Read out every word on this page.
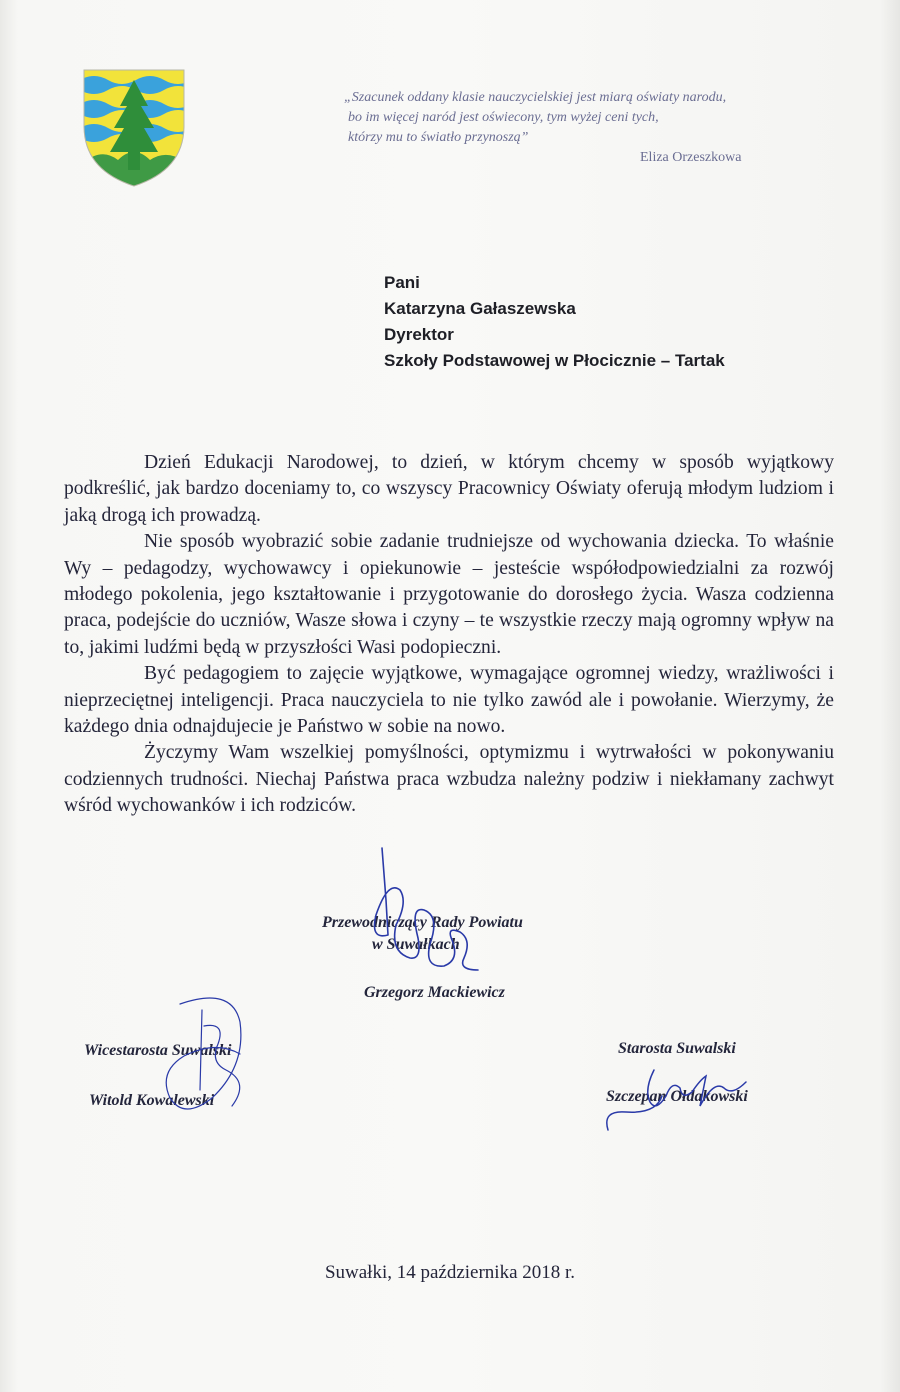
„Szacunek oddany klasie nauczycielskiej jest miarą oświaty narodu,
bo im więcej naród jest oświecony, tym wyżej ceni tych,
którzy mu to światło przynoszą”
Eliza Orzeszkowa
Pani
Katarzyna Gałaszewska
Dyrektor
Szkoły Podstawowej w Płocicznie – Tartak

Dzień Edukacji Narodowej, to dzień, w którym chcemy w sposób wyjątkowy podkreślić, jak bardzo doceniamy to, co wszyscy Pracownicy Oświaty oferują młodym ludziom i jaką drogą ich prowadzą.

Nie sposób wyobrazić sobie zadanie trudniejsze od wychowania dziecka. To właśnie Wy – pedagodzy, wychowawcy i opiekunowie – jesteście współodpowiedzialni za rozwój młodego pokolenia, jego kształtowanie i przygotowanie do dorosłego życia. Wasza codzienna praca, podejście do uczniów, Wasze słowa i czyny – te wszystkie rzeczy mają ogromny wpływ na to, jakimi ludźmi będą w przyszłości Wasi podopieczni.

Być pedagogiem to zajęcie wyjątkowe, wymagające ogromnej wiedzy, wrażliwości i nieprzeciętnej inteligencji. Praca nauczyciela to nie tylko zawód ale i powołanie. Wierzymy, że każdego dnia odnajdujecie je Państwo w sobie na nowo.

Życzymy Wam wszelkiej pomyślności, optymizmu i wytrwałości w pokonywaniu codziennych trudności. Niechaj Państwa praca wzbudza należny podziw i niekłamany zachwyt wśród wychowanków i ich rodziców.

Przewodniczący Rady Powiatu
w Suwałkach
Grzegorz Mackiewicz
Wicestarosta Suwalski
Witold Kowalewski
Starosta Suwalski
Szczepan Ołdakowski
Suwałki, 14 października 2018 r.
